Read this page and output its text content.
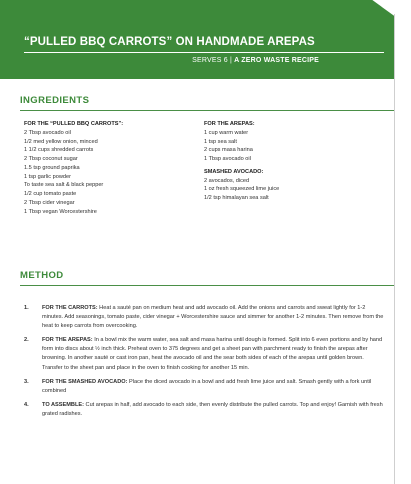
“PULLED BBQ CARROTS” ON HANDMADE AREPAS
SERVES 6 | A ZERO WASTE RECIPE
INGREDIENTS
FOR THE “PULLED BBQ CARROTS”:
2 Tbsp avocado oil
1/2 med yellow onion, minced
1 1/2 cups shredded carrots
2 Tbsp coconut sugar
1.5 tsp ground paprika
1 tsp garlic powder
To taste sea salt & black pepper
1/2 cup tomato paste
2 Tbsp cider vinegar
1 Tbsp vegan Worcestershire
FOR THE AREPAS:
1 cup warm water
1 tsp sea salt
2 cups masa harina
1 Tbsp avocado oil
SMASHED AVOCADO:
2 avocados, diced
1 oz fresh squeezed lime juice
1/2 tsp himalayan sea salt
METHOD
1. FOR THE CARROTS: Heat a sauté pan on medium heat and add avocado oil. Add the onions and carrots and sweat lightly for 1-2 minutes. Add seasonings, tomato paste, cider vinegar + Worcestershire sauce and simmer for another 1-2 minutes. Then remove from the heat to keep carrots from overcooking.
2. FOR THE AREPAS: In a bowl mix the warm water, sea salt and masa harina until dough is formed. Split into 6 even portions and by hand form into discs about ½ inch thick. Preheat oven to 375 degrees and get a sheet pan with parchment ready to finish the arepas after browning. In another sauté or cast iron pan, heat the avocado oil and the sear both sides of each of the arepas until golden brown. Transfer to the sheet pan and place in the oven to finish cooking for another 15 min.
3. FOR THE SMASHED AVOCADO: Place the diced avocado in a bowl and add fresh lime juice and salt. Smash gently with a fork until combined
4. TO ASSEMBLE: Cut arepas in half, add avocado to each side, then evenly distribute the pulled carrots. Top and enjoy! Garnish with fresh grated radishes.
